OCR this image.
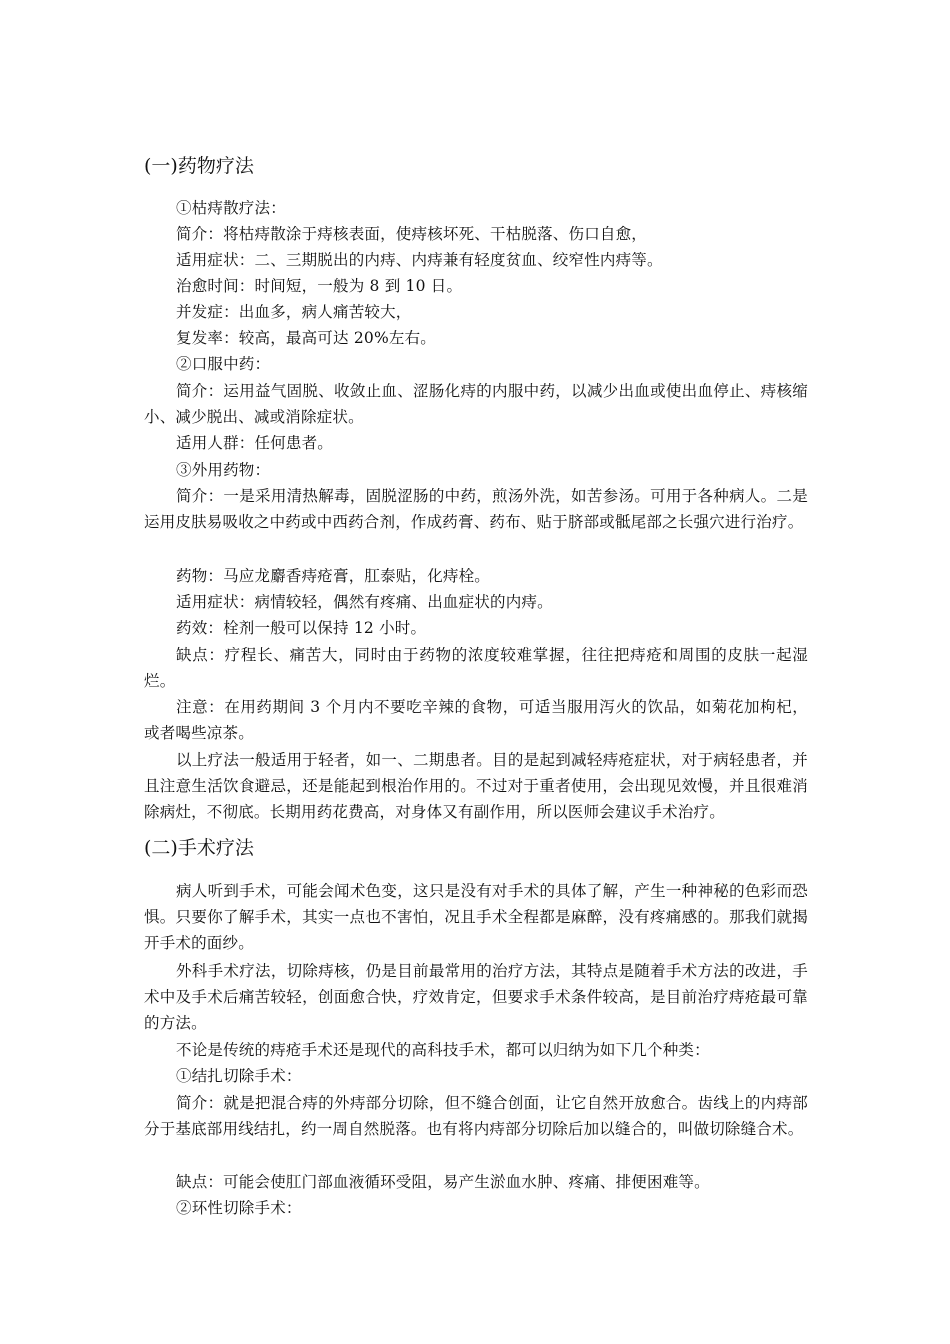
(一)药物疗法
①枯痔散疗法：
简介：将枯痔散涂于痔核表面，使痔核坏死、干枯脱落、伤口自愈，
适用症状：二、三期脱出的内痔、内痔兼有轻度贫血、绞窄性内痔等。
治愈时间：时间短，一般为 8 到 10 日。
并发症：出血多，病人痛苦较大，
复发率：较高，最高可达 20%左右。
②口服中药：
简介：运用益气固脱、收敛止血、涩肠化痔的内服中药，以减少出血或使出血停止、痔核缩小、减少脱出、减或消除症状。
适用人群：任何患者。
③外用药物：
简介：一是采用清热解毒，固脱涩肠的中药，煎汤外洗，如苦参汤。可用于各种病人。二是运用皮肤易吸收之中药或中西药合剂，作成药膏、药布、贴于脐部或骶尾部之长强穴进行治疗。
药物：马应龙麝香痔疮膏，肛泰贴，化痔栓。
适用症状：病情较轻，偶然有疼痛、出血症状的内痔。
药效：栓剂一般可以保持 12 小时。
缺点：疗程长、痛苦大，同时由于药物的浓度较难掌握，往往把痔疮和周围的皮肤一起湿烂。
注意：在用药期间 3 个月内不要吃辛辣的食物，可适当服用泻火的饮品，如菊花加枸杞，或者喝些凉茶。
以上疗法一般适用于轻者，如一、二期患者。目的是起到减轻痔疮症状，对于病轻患者，并且注意生活饮食避忌，还是能起到根治作用的。不过对于重者使用，会出现见效慢，并且很难消除病灶，不彻底。长期用药花费高，对身体又有副作用，所以医师会建议手术治疗。
(二)手术疗法
病人听到手术，可能会闻术色变，这只是没有对手术的具体了解，产生一种神秘的色彩而恐惧。只要你了解手术，其实一点也不害怕，况且手术全程都是麻醉，没有疼痛感的。那我们就揭开手术的面纱。
外科手术疗法，切除痔核，仍是目前最常用的治疗方法，其特点是随着手术方法的改进，手术中及手术后痛苦较轻，创面愈合快，疗效肯定，但要求手术条件较高，是目前治疗痔疮最可靠的方法。
不论是传统的痔疮手术还是现代的高科技手术，都可以归纳为如下几个种类：
①结扎切除手术：
简介：就是把混合痔的外痔部分切除，但不缝合创面，让它自然开放愈合。齿线上的内痔部分于基底部用线结扎，约一周自然脱落。也有将内痔部分切除后加以缝合的，叫做切除缝合术。
缺点：可能会使肛门部血液循环受阻，易产生淤血水肿、疼痛、排便困难等。
②环性切除手术：
